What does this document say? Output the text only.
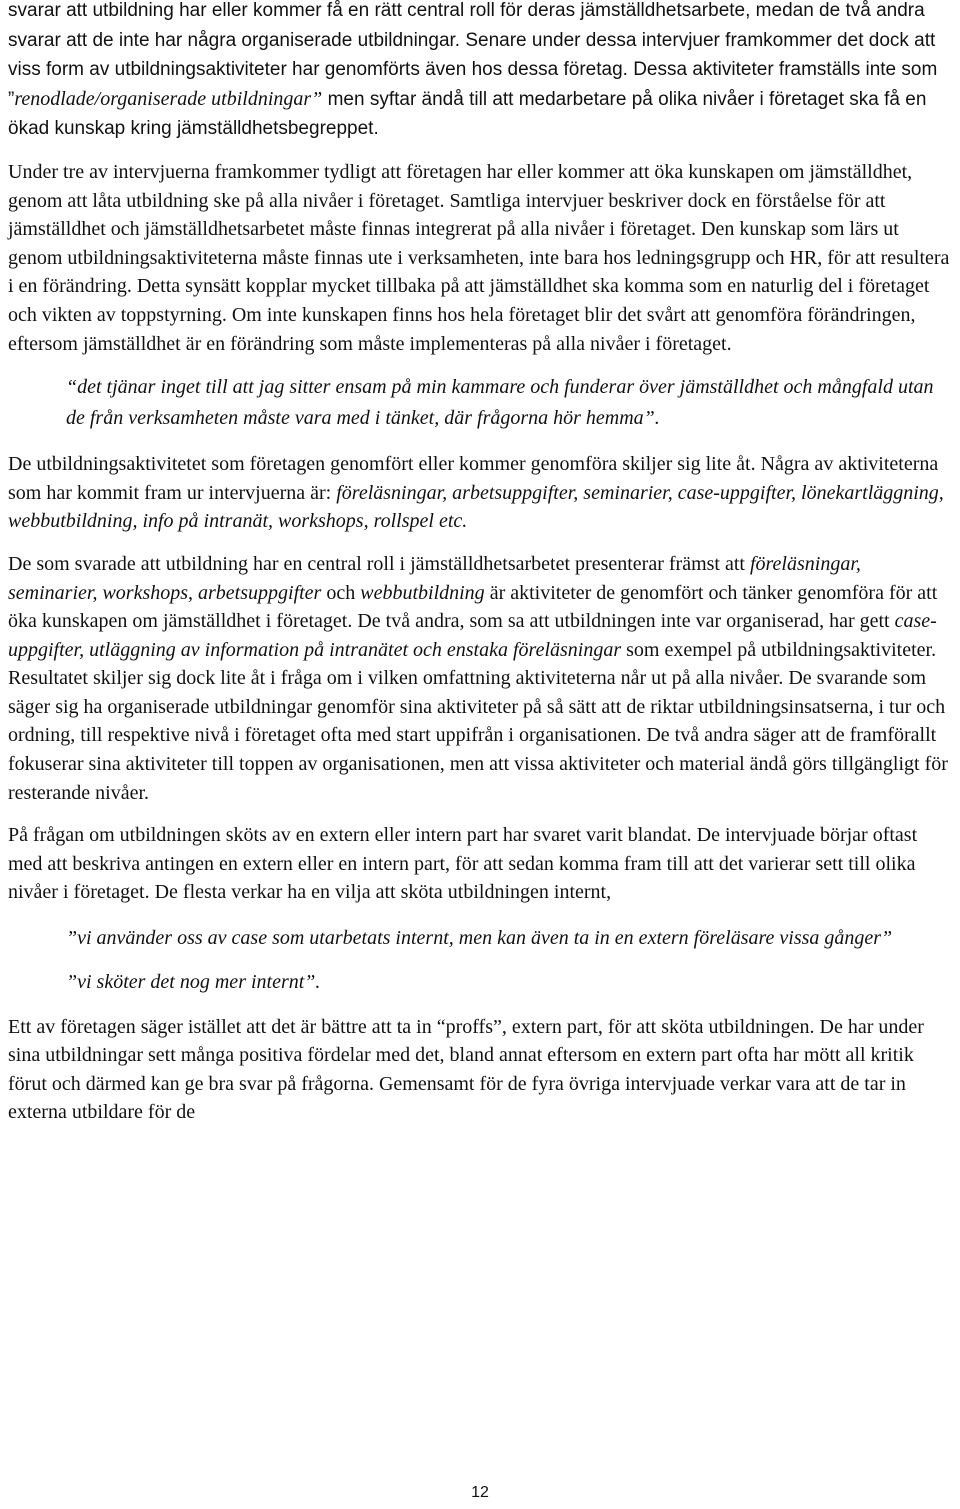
svarar att utbildning har eller kommer få en rätt central roll för deras jämställdhetsarbete, medan de två andra svarar att de inte har några organiserade utbildningar. Senare under dessa intervjuer framkommer det dock att viss form av utbildningsaktiviteter har genomförts även hos dessa företag. Dessa aktiviteter framställs inte som ”renodlade/organiserade utbildningar” men syftar ändå till att medarbetare på olika nivåer i företaget ska få en ökad kunskap kring jämställdhetsbegreppet.

Under tre av intervjuerna framkommer tydligt att företagen har eller kommer att öka kunskapen om jämställdhet, genom att låta utbildning ske på alla nivåer i företaget. Samtliga intervjuer beskriver dock en förståelse för att jämställdhet och jämställdhetsarbetet måste finnas integrerat på alla nivåer i företaget. Den kunskap som lärs ut genom utbildningsaktiviteterna måste finnas ute i verksamheten, inte bara hos ledningsgrupp och HR, för att resultera i en förändring. Detta synsätt kopplar mycket tillbaka på att jämställdhet ska komma som en naturlig del i företaget och vikten av toppstyrning. Om inte kunskapen finns hos hela företaget blir det svårt att genomföra förändringen, eftersom jämställdhet är en förändring som måste implementeras på alla nivåer i företaget.

“det tjänar inget till att jag sitter ensam på min kammare och funderar över jämställdhet och mångfald utan de från verksamheten måste vara med i tänket, där frågorna hör hemma”.

De utbildningsaktivitetet som företagen genomfört eller kommer genomföra skiljer sig lite åt. Några av aktiviteterna som har kommit fram ur intervjuerna är: föreläsningar, arbetsuppgifter, seminarier, case-uppgifter, lönekartläggning, webbutbildning, info på intranät, workshops, rollspel etc.

De som svarade att utbildning har en central roll i jämställdhetsarbetet presenterar främst att föreläsningar, seminarier, workshops, arbetsuppgifter och webbutbildning är aktiviteter de genomfört och tänker genomföra för att öka kunskapen om jämställdhet i företaget. De två andra, som sa att utbildningen inte var organiserad, har gett case-uppgifter, utläggning av information på intranätet och enstaka föreläsningar som exempel på utbildningsaktiviteter. Resultatet skiljer sig dock lite åt i fråga om i vilken omfattning aktiviteterna når ut på alla nivåer. De svarande som säger sig ha organiserade utbildningar genomför sina aktiviteter på så sätt att de riktar utbildningsinsatserna, i tur och ordning, till respektive nivå i företaget ofta med start uppifrån i organisationen. De två andra säger att de framförallt fokuserar sina aktiviteter till toppen av organisationen, men att vissa aktiviteter och material ändå görs tillgängligt för resterande nivåer.

På frågan om utbildningen sköts av en extern eller intern part har svaret varit blandat. De intervjuade börjar oftast med att beskriva antingen en extern eller en intern part, för att sedan komma fram till att det varierar sett till olika nivåer i företaget. De flesta verkar ha en vilja att sköta utbildningen internt,

”vi använder oss av case som utarbetats internt, men kan även ta in en extern föreläsare vissa gånger”

”vi sköter det nog mer internt”.

Ett av företagen säger istället att det är bättre att ta in “proffs”, extern part, för att sköta utbildningen. De har under sina utbildningar sett många positiva fördelar med det, bland annat eftersom en extern part ofta har mött all kritik förut och därmed kan ge bra svar på frågorna. Gemensamt för de fyra övriga intervjuade verkar vara att de tar in externa utbildare för de

12
